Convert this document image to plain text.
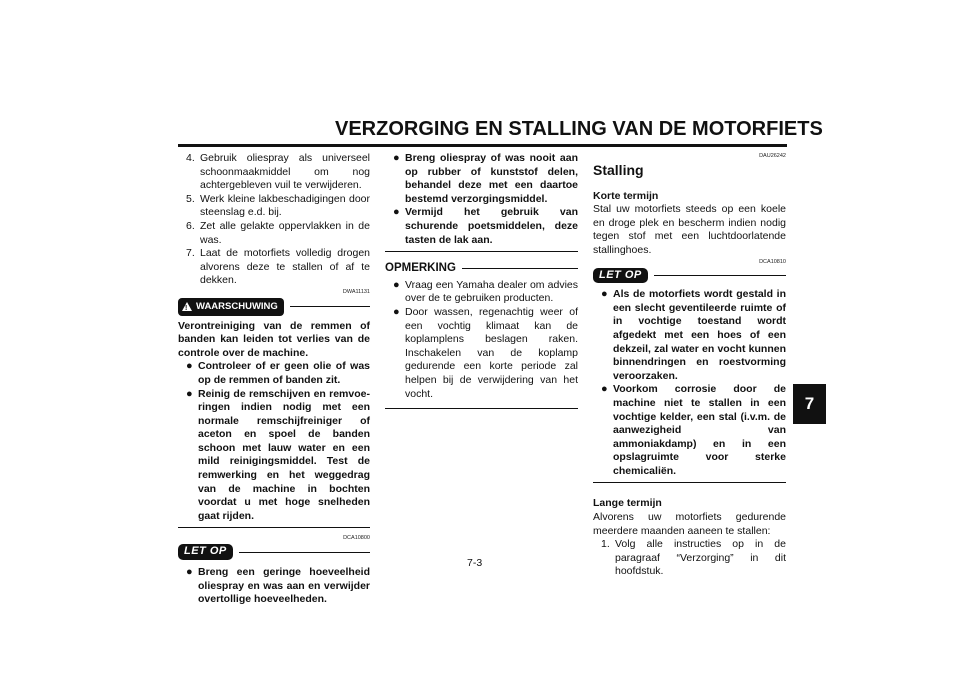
VERZORGING EN STALLING VAN DE MOTORFIETS
7
4. Gebruik oliespray als universeel schoonmaakmiddel om nog achtergebleven vuil te verwijderen.
5. Werk kleine lakbeschadigingen door steenslag e.d. bij.
6. Zet alle gelakte oppervlakken in de was.
7. Laat de motorfiets volledig drogen alvorens deze te stallen of af te dekken.
DWA11131
! WAARSCHUWING

Verontreiniging van de remmen of banden kan leiden tot verlies van de controle over de machine.

● Controleer of er geen olie of was op de remmen of banden zit.
● Reinig de remschijven en remvoeringen indien nodig met een normale remschijfreiniger of aceton en spoel de banden schoon met lauw water en een mild reinigingsmiddel. Test de remwerking en het weggedrag van de machine in bochten voordat u met hoge snelheden gaat rijden.
DCA10800
LET OP
● Breng een geringe hoeveelheid oliespray en was aan en verwijder overtollige hoeveelheden.
● Breng oliespray of was nooit aan op rubber of kunststof delen, behandel deze met een daartoe bestemd verzorgingsmiddel.
● Vermijd het gebruik van schurende poetsmiddelen, deze tasten de lak aan.
OPMERKING
● Vraag een Yamaha dealer om advies over de te gebruiken producten.
● Door wassen, regenachtig weer of een vochtig klimaat kan de koplamplens beslagen raken. Inschakelen van de koplamp gedurende een korte periode zal helpen bij de verwijdering van het vocht.
DAU26242
Stalling

Korte termijn

Stal uw motorfiets steeds op een koele en droge plek en bescherm indien nodig tegen stof met een luchtdoorlatende stallinghoes.

DCA10810
LET OP
● Als de motorfiets wordt gestald in een slecht geventileerde ruimte of in vochtige toestand wordt afgedekt met een hoes of een dekzeil, zal water en vocht kunnen binnendringen en roestvorming veroorzaken.
● Voorkom corrosie door de machine niet te stallen in een vochtige kelder, een stal (i.v.m. de aanwezigheid van ammoniakdamp) en in een opslagruimte voor sterke chemicaliën.

Lange termijn

Alvorens uw motorfiets gedurende meerdere maanden aaneen te stallen:

1. Volg alle instructies op in de paragraaf “Verzorging” in dit hoofdstuk.
7-3
